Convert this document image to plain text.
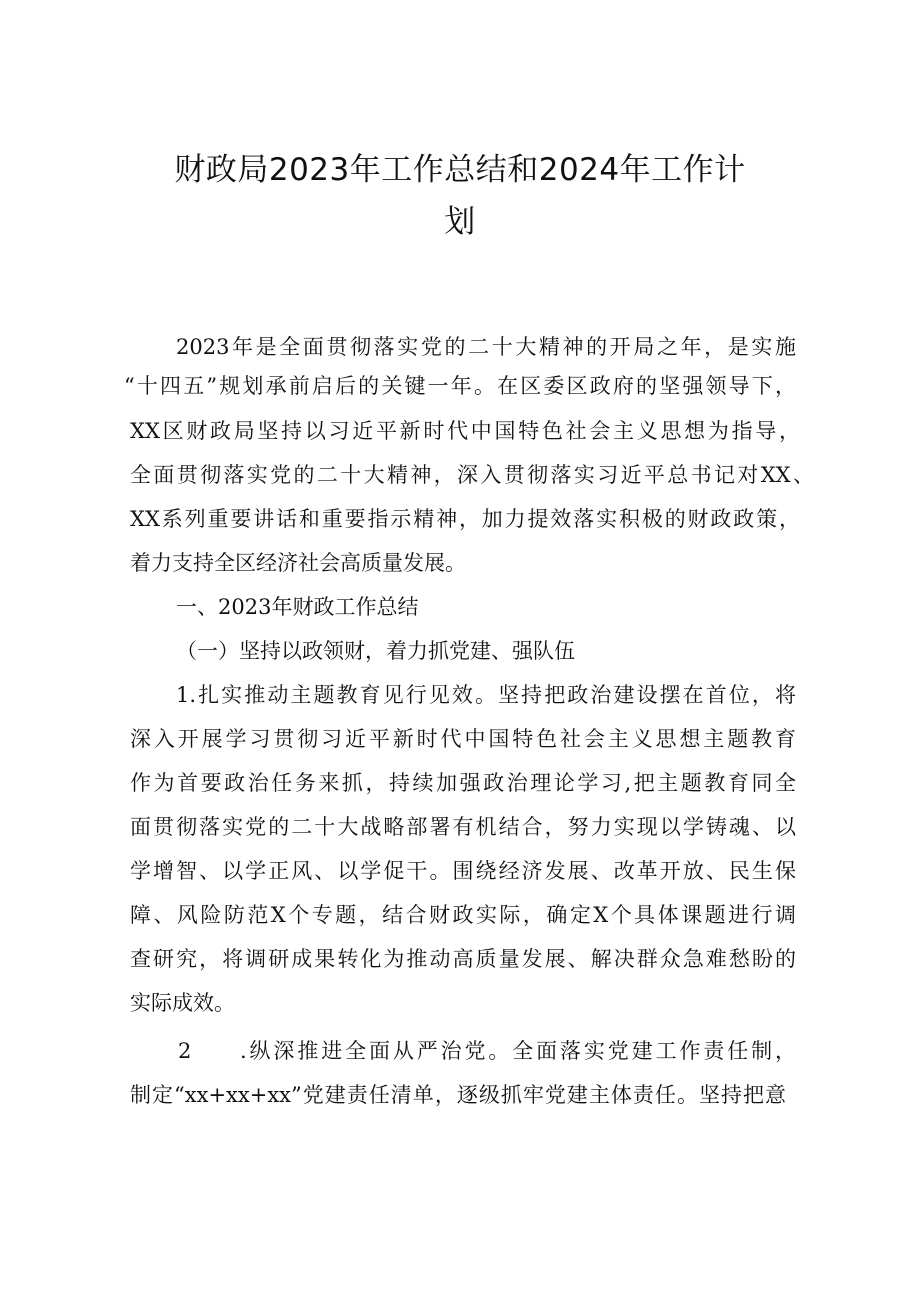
财政局2023年工作总结和2024年工作计
划

2023年是全面贯彻落实党的二十大精神的开局之年，是实施

“十四五”规划承前启后的关键一年。在区委区政府的坚强领导下，

XX区财政局坚持以习近平新时代中国特色社会主义思想为指导，

全面贯彻落实党的二十大精神，深入贯彻落实习近平总书记对XX、

XX系列重要讲话和重要指示精神，加力提效落实积极的财政政策，

着力支持全区经济社会高质量发展。

一、2023年财政工作总结

（一）坚持以政领财，着力抓党建、强队伍

1.扎实推动主题教育见行见效。坚持把政治建设摆在首位，将

深入开展学习贯彻习近平新时代中国特色社会主义思想主题教育

作为首要政治任务来抓，持续加强政治理论学习,把主题教育同全

面贯彻落实党的二十大战略部署有机结合，努力实现以学铸魂、以

学增智、以学正风、以学促干。围绕经济发展、改革开放、民生保

障、风险防范X个专题，结合财政实际，确定X个具体课题进行调

查研究，将调研成果转化为推动高质量发展、解决群众急难愁盼的

实际成效。

2 .纵深推进全面从严治党。全面落实党建工作责任制，

制定“xx+xx+xx”党建责任清单，逐级抓牢党建主体责任。坚持把意
